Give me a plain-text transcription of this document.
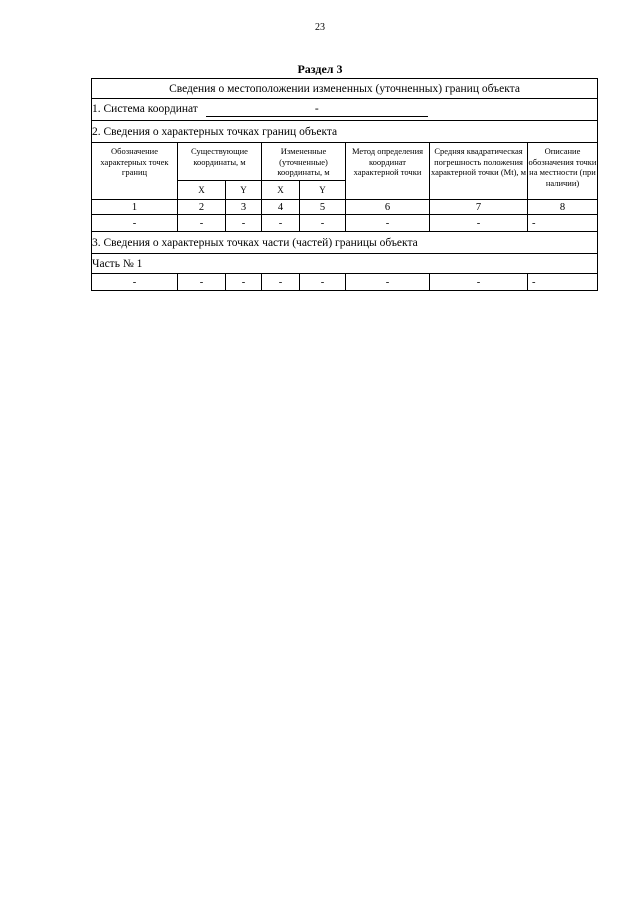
23
Раздел 3
Сведения о местоположении измененных (уточненных) границ объекта							
1. Система координат -							
2. Сведения о характерных точках границ объекта							
Обозначение характерных точек границ	Существующие координаты, м		Измененные (уточненные) координаты, м		Метод определения координат характерной точки	Средняя квадратическая погрешность положения характерной точки (Mt), м	Описание обозначения точки на местности (при наличии)
	X	Y	X	Y			
1	2	3	4	5	6	7	8
-	-	-	-	-	-	-	-
3. Сведения о характерных точках части (частей) границы объекта							
Часть № 1							
-	-	-	-	-	-	-	-
